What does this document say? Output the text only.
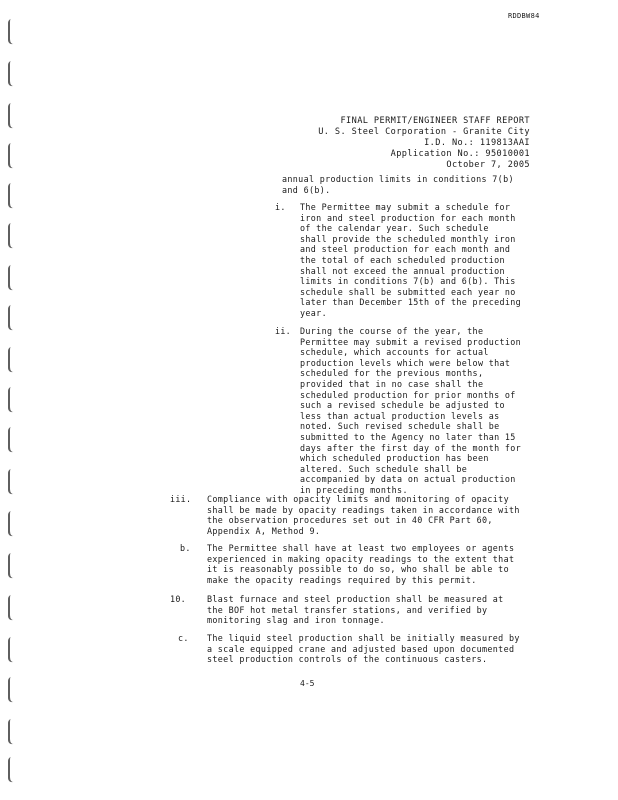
RDDBW84
FINAL PERMIT/ENGINEER STAFF REPORT
U. S. Steel Corporation - Granite City
I.D. No.: 119813AAI
Application No.: 95010001
October 7, 2005
annual production limits in conditions 7(b)
and 6(b).
i. The Permittee may submit a schedule for
iron and steel production for each month
of the calendar year. Such schedule
shall provide the scheduled monthly iron
and steel production for each month and
the total of each scheduled production
shall not exceed the annual production
limits in conditions 7(b) and 6(b). This
schedule shall be submitted each year no
later than December 15th of the preceding
year.
ii. During the course of the year, the
Permittee may submit a revised production
schedule, which accounts for actual
production levels which were below that
scheduled for the previous months,
provided that in no case shall the
scheduled production for prior months of
such a revised schedule be adjusted to
less than actual production levels as
noted. Such revised schedule shall be
submitted to the Agency no later than 15
days after the first day of the month for
which scheduled production has been
altered. Such schedule shall be
accompanied by data on actual production
in preceding months.
iii. Compliance with opacity limits and monitoring of opacity
shall be made by opacity readings taken in accordance with
the observation procedures set out in 40 CFR Part 60,
Appendix A, Method 9.
b. The Permittee shall have at least two employees or agents
experienced in making opacity readings to the extent that
it is reasonably possible to do so, who shall be able to
make the opacity readings required by this permit.
10. Blast furnace and steel production shall be measured at
the BOF hot metal transfer stations, and verified by
monitoring slag and iron tonnage.
c. The liquid steel production shall be initially measured by
a scale equipped crane and adjusted based upon documented
steel production controls of the continuous casters.
4-5
